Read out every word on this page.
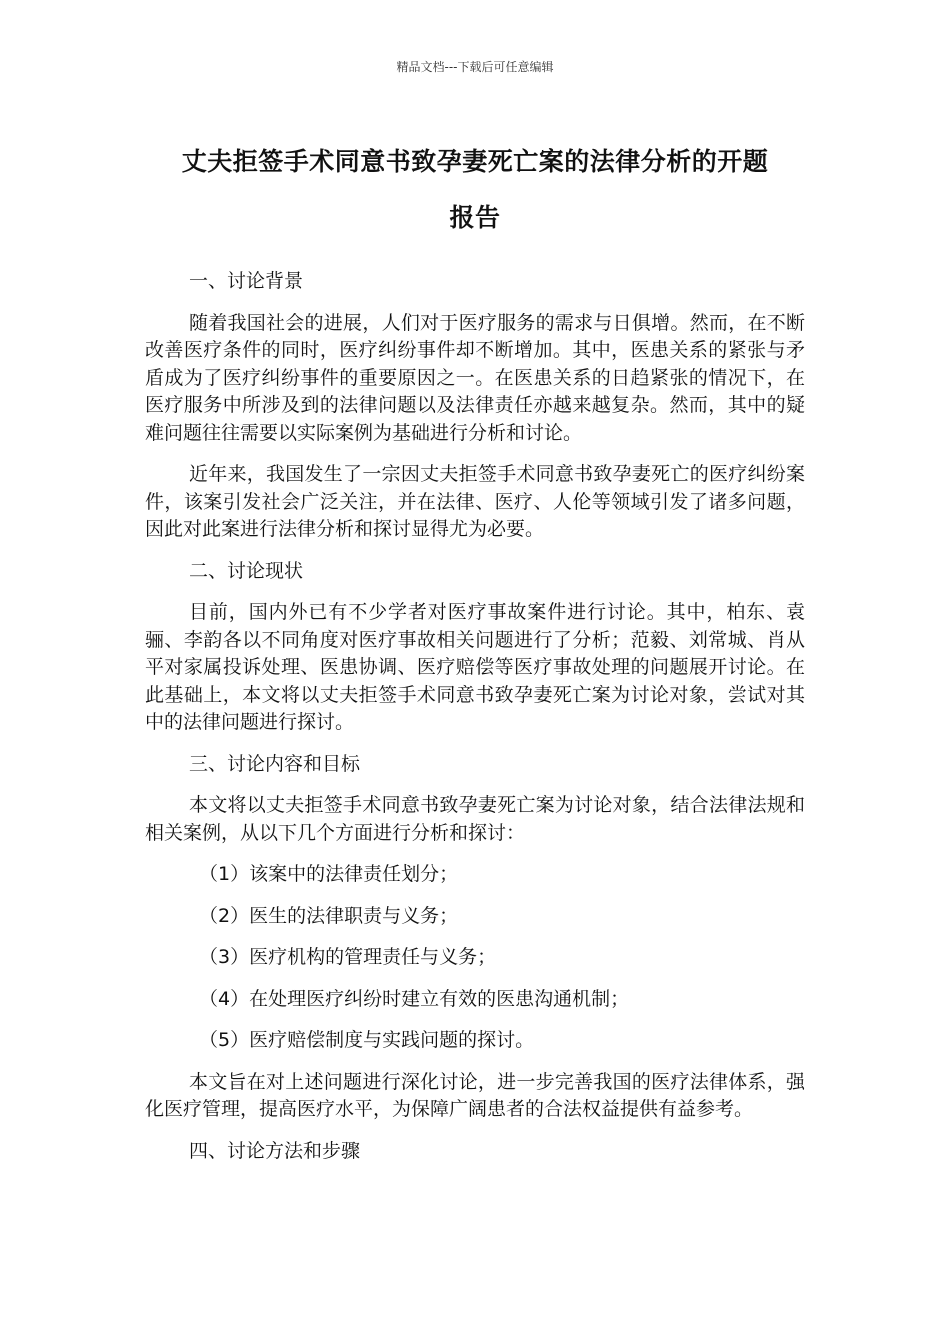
精品文档---下载后可任意编辑
丈夫拒签手术同意书致孕妻死亡案的法律分析的开题
报告

一、讨论背景

随着我国社会的进展，人们对于医疗服务的需求与日俱增。然而，在不断改善医疗条件的同时，医疗纠纷事件却不断增加。其中，医患关系的紧张与矛盾成为了医疗纠纷事件的重要原因之一。在医患关系的日趋紧张的情况下，在医疗服务中所涉及到的法律问题以及法律责任亦越来越复杂。然而，其中的疑难问题往往需要以实际案例为基础进行分析和讨论。

近年来，我国发生了一宗因丈夫拒签手术同意书致孕妻死亡的医疗纠纷案件，该案引发社会广泛关注，并在法律、医疗、人伦等领域引发了诸多问题，因此对此案进行法律分析和探讨显得尤为必要。

二、讨论现状

目前，国内外已有不少学者对医疗事故案件进行讨论。其中，柏东、袁骊、李韵各以不同角度对医疗事故相关问题进行了分析；范毅、刘常城、肖从平对家属投诉处理、医患协调、医疗赔偿等医疗事故处理的问题展开讨论。在此基础上，本文将以丈夫拒签手术同意书致孕妻死亡案为讨论对象，尝试对其中的法律问题进行探讨。

三、讨论内容和目标

本文将以丈夫拒签手术同意书致孕妻死亡案为讨论对象，结合法律法规和相关案例，从以下几个方面进行分析和探讨：

（1）该案中的法律责任划分；

（2）医生的法律职责与义务；

（3）医疗机构的管理责任与义务；

（4）在处理医疗纠纷时建立有效的医患沟通机制；

（5）医疗赔偿制度与实践问题的探讨。

本文旨在对上述问题进行深化讨论，进一步完善我国的医疗法律体系，强化医疗管理，提高医疗水平，为保障广阔患者的合法权益提供有益参考。

四、讨论方法和步骤
